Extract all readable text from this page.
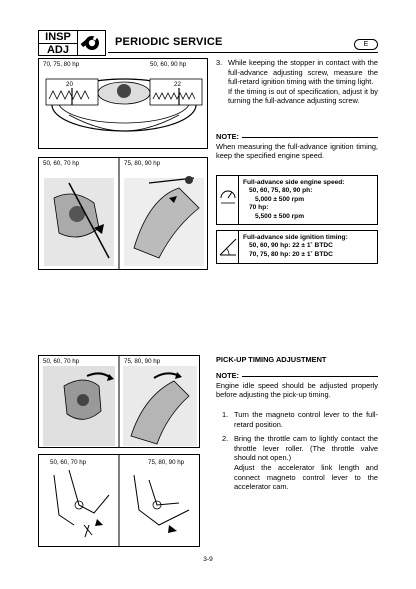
INSP
ADJ
PERIODIC SERVICE	E
70, 75, 80 hp	50, 60, 90 hp
20	22
50, 60, 70 hp	75, 80, 90 hp
3. While keeping the stopper in contact with the full-advance adjusting screw, measure the full-retard ignition timing with the timing light.
If the timing is out of specification, adjust it by turning the full-advance adjusting screw.
NOTE:
When measuring the full-advance ignition timing, keep the specified engine speed.
Full-advance side engine speed:
50, 60, 75, 80, 90 ph:
5,000 ± 500 rpm
70 hp:
5,500 ± 500 rpm
Full-advance side ignition timing:
50, 60, 90 hp: 22 ± 1˚ BTDC
70, 75, 80 hp: 20 ± 1˚ BTDC
50, 60, 70 hp	75, 80, 90 hp
50, 60, 70 hp	75, 80, 90 hp
PICK-UP TIMING ADJUSTMENT
NOTE:
Engine idle speed should be adjusted properly before adjusting the pick-up timing.
1. Turn the magneto control lever to the full-retard position.
2. Bring the throttle cam to lightly contact the throttle lever roller. (The throttle valve should not open.)
Adjust the accelerator link length and connect magneto control lever to the accelerator cam.
3-9
